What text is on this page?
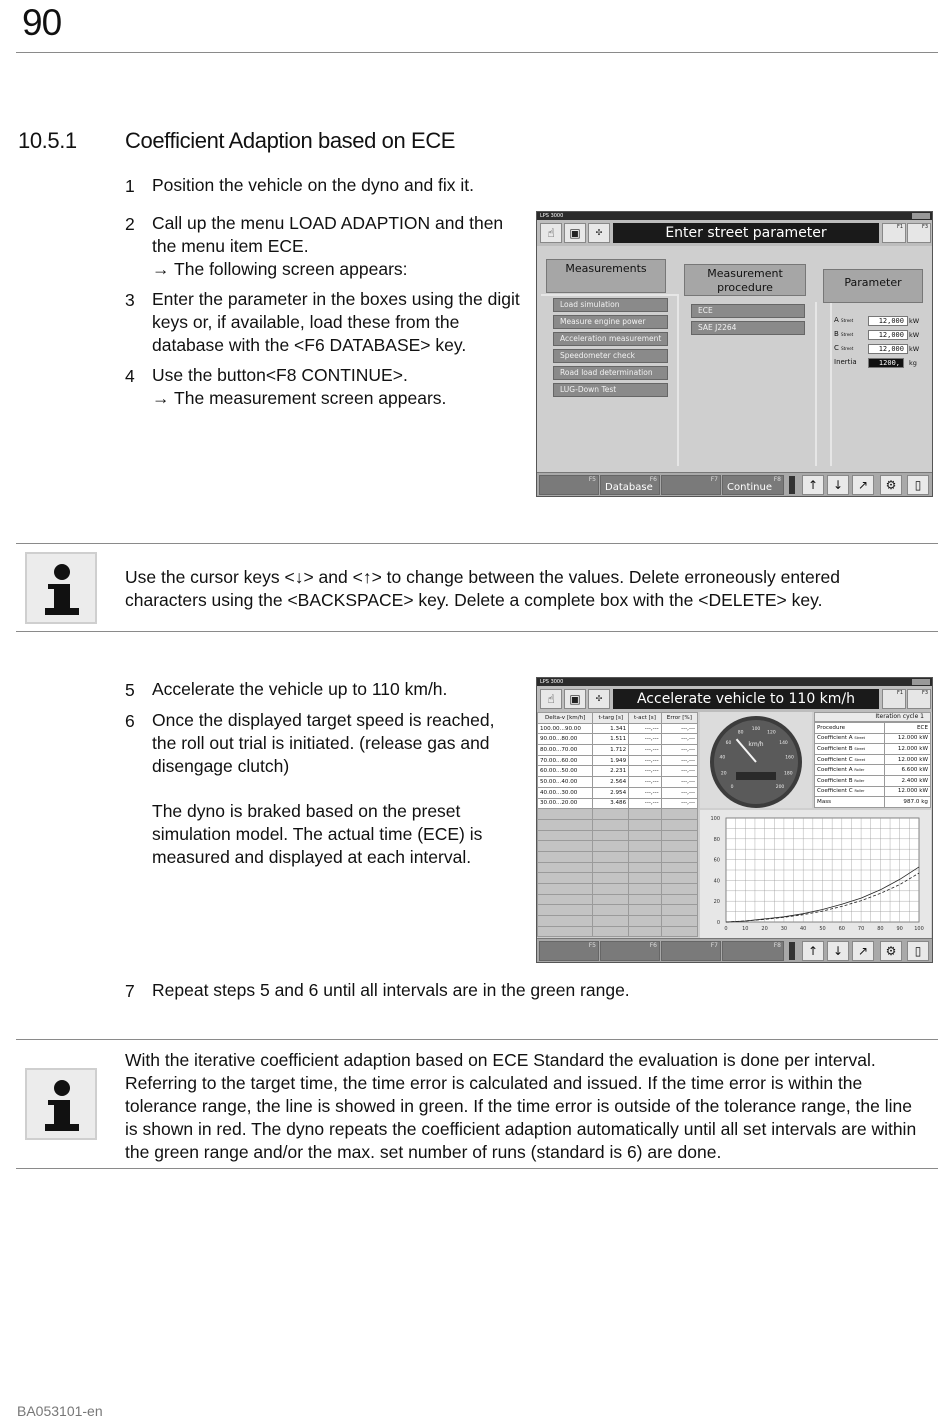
90
10.5.1 Coefficient Adaption based on ECE
1 Position the vehicle on the dyno and fix it.
2 Call up the menu LOAD ADAPTION and then the menu item ECE.
→ The following screen appears:
3 Enter the parameter in the boxes using the digit keys or, if available, load these from the database with the <F6 DATABASE> key.
4 Use the button<F8 CONTINUE>.
→ The measurement screen appears.
LPS 3000
☝	▣	✣	Enter street parameter	F1	F3
Measurements	Measurement procedure	Parameter
Load simulation
Measure engine power
Acceleration measurement
Speedometer check
Road load determination
LUG-Down Test
ECE
SAE J2264
A Street	12,000 kW
B Street	12,000 kW
C Street	12,000 kW
Inertia	1200,	kg
F5	F6
Database
F7	F8
Continue	↑	↓	↗	⚙	▯
Use the cursor keys <↓> and <↑> to change between the values. Delete erroneously entered characters using the <BACKSPACE> key. Delete a complete box with the <DELETE> key.
5 Accelerate the vehicle up to 110 km/h.
6 Once the displayed target speed is reached, the roll out trial is initiated. (release gas and disengage clutch)
The dyno is braked based on the preset simulation model. The actual time (ECE) is measured and displayed at each interval.
7 Repeat steps 5 and 6 until all intervals are in the green range.
LPS 3000
☝	▣	✣	Accelerate vehicle to 110 km/h	F1	F3
Delta-v [km/h]	t-targ [s]	t-act [s]	Error [%]
100.00...90.00	1.341	---,---	---,---
90.00...80.00	1.511	---,---	---,---
80.00...70.00	1.712	---,---	---,---
70.00...60.00	1.949	---,---	---,---
60.00...50.00	2.231	---,---	---,---
50.00...40.00	2.564	---,---	---,---
40.00...30.00	2.954	---,---	---,---
30.00...20.00	3.486	---,---	---,---

0
20
40
60
80
100
120
140
160
180
200
km/h
Iteration cycle 1
Procedure	ECE
Coefficient A Street	12.000 kW
Coefficient B Street	12.000 kW
Coefficient C Street	12.000 kW
Coefficient A Roller	6.600 kW
Coefficient B Roller	2.400 kW
Coefficient C Roller	12.000 kW
Mass	987.0 kg
0	10	20	30	40	50	60	70	80	90 100
0
20
40
60
80
100
F5	F6	F7	F8	↑	↓	↗	⚙	▯
With the iterative coefficient adaption based on ECE Standard the evaluation is done per interval. Referring to the target time, the time error is calculated and issued. If the time error is within the tolerance range, the line is showed in green. If the time error is outside of the tolerance range, the line is shown in red. The dyno repeats the coefficient adaption automatically until all set intervals are within the green range and/or the max. set number of runs (standard is 6) are done.
BA053101-en
